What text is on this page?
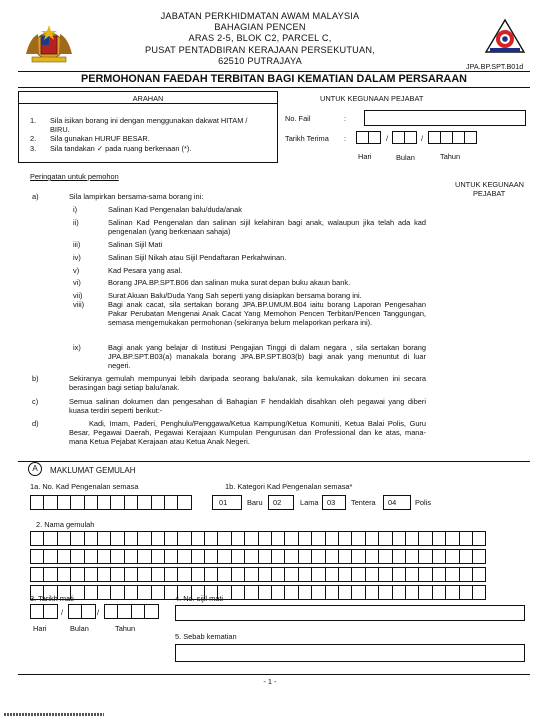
JABATAN PERKHIDMATAN AWAM MALAYSIA
BAHAGIAN PENCEN
ARAS 2-5, BLOK C2, PARCEL C,
PUSAT PENTADBIRAN KERAJAAN PERSEKUTUAN,
62510 PUTRAJAYA
JPA.BP.SPT.B01d
PERMOHONAN FAEDAH TERBITAN BAGI KEMATIAN DALAM PERSARAAN
ARAHAN	UNTUK KEGUNAAN PEJABAT
1. Sila isikan borang ini dengan menggunakan dakwat HITAM /
BIRU.
2. Sila gunakan HURUF BESAR.
3. Sila tandakan ✓ pada ruang berkenaan (*).
No. Fail	:
Tarikh Terima :	/	/
Hari	Bulan	Tahun
Peringatan untuk pemohon
UNTUK KEGUNAAN
PEJABAT
a)	Sila lampirkan bersama-sama borang ini:
i)	Salinan Kad Pengenalan balu/duda/anak
ii)	Salinan Kad Pengenalan dan salinan sijil kelahiran bagi anak, walaupun jika telah ada kad pengenalan (yang berkenaan sahaja)
iii)	Salinan Sijil Mati
iv)	Salinan Sijil Nikah atau Sijil Pendaftaran Perkahwinan.
v)	Kad Pesara yang asal.
vi)	Borang JPA.BP.SPT.B06 dan salinan muka surat depan buku akaun bank.
vii)	Surat Akuan Balu/Duda Yang Sah seperti yang disiapkan bersama borang ini.
viii)	Bagi anak cacat, sila sertakan borang JPA.BP.UMUM.B04 iaitu borang Laporan Pengesahan Pakar Perubatan Mengenai Anak Cacat Yang Memohon Pencen Terbitan/Pencen Tanggungan, semasa mengemukakan permohonan (sekiranya belum melaporkan perkara ini).
ix)	Bagi anak yang belajar di Institusi Pengajian Tinggi di dalam negara , sila sertakan borang JPA.BP.SPT.B03(a) manakala borang JPA.BP.SPT.B03(b) bagi anak yang menuntut di luar negeri.
b)	Sekiranya gemulah mempunyai lebih daripada seorang balu/anak, sila kemukakan dokumen ini secara berasingan bagi setiap balu/anak.
c)	Semua salinan dokumen dan pengesahan di Bahagian F hendaklah disahkan oleh pegawai yang diberi kuasa terdiri seperti berikut:-
d)	Kadi, Imam, Paderi, Penghulu/Penggawa/Ketua Kampung/Ketua Komuniti, Ketua Balai Polis, Guru Besar, Pegawai Daerah, Pegawai Kerajaan Kumpulan Pengurusan dan Professional dan ke atas, mana-mana Ketua Pejabat Kerajaan atau Ketua Anak Negeri.
A	MAKLUMAT GEMULAH
1a. No. Kad Pengenalan semasa	1b. Kategori Kad Pengenalan semasa*
01	Baru 02	Lama 03 Tentera 04	Polis
2. Nama gemulah
3. Tarikh mati
/	/
Hari	Bulan	Tahun
4. No. sijil mati
5. Sebab kematian
- 1 -
